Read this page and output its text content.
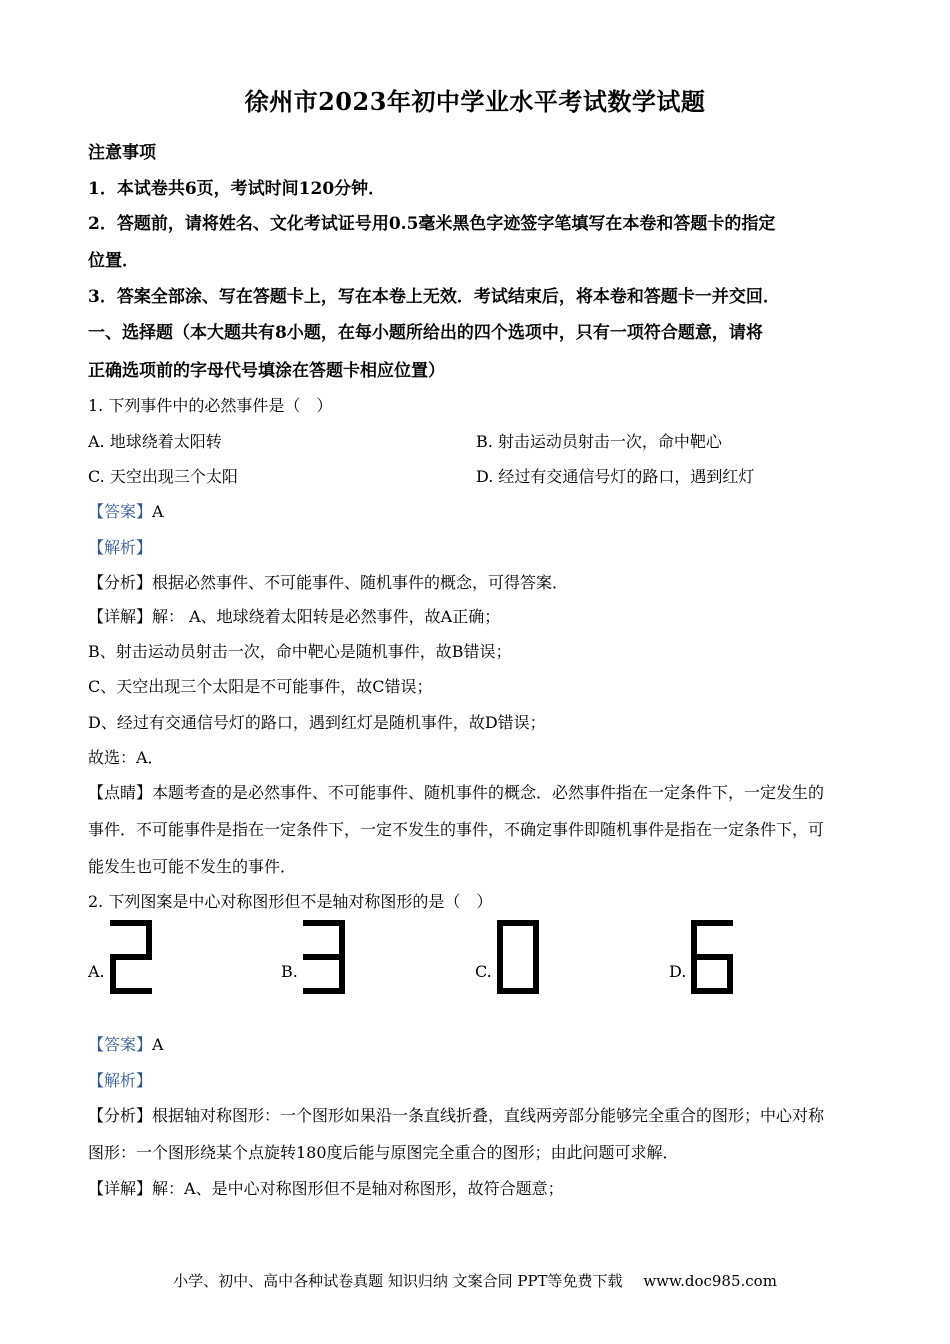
徐州市2023年初中学业水平考试数学试题
注意事项
1．本试卷共6页，考试时间120分钟．
2．答题前，请将姓名、文化考试证号用0.5毫米黑色字迹签字笔填写在本卷和答题卡的指定
位置．
3．答案全部涂、写在答题卡上，写在本卷上无效．考试结束后，将本卷和答题卡一并交回．
一、选择题（本大题共有8小题，在每小题所给出的四个选项中，只有一项符合题意，请将
正确选项前的字母代号填涂在答题卡相应位置）
1. 下列事件中的必然事件是（　）
A. 地球绕着太阳转	B. 射击运动员射击一次，命中靶心
C. 天空出现三个太阳	D. 经过有交通信号灯的路口，遇到红灯
【答案】A
【解析】
【分析】根据必然事件、不可能事件、随机事件的概念，可得答案．
【详解】解： A、地球绕着太阳转是必然事件，故A正确；
B、射击运动员射击一次，命中靶心是随机事件，故B错误；
C、天空出现三个太阳是不可能事件，故C错误；
D、经过有交通信号灯的路口，遇到红灯是随机事件，故D错误；
故选：A．
【点睛】本题考查的是必然事件、不可能事件、随机事件的概念．必然事件指在一定条件下，一定发生的
事件．不可能事件是指在一定条件下，一定不发生的事件，不确定事件即随机事件是指在一定条件下，可
能发生也可能不发生的事件．
2. 下列图案是中心对称图形但不是轴对称图形的是（　）
A.	B.	C.	D.
【答案】A
【解析】
【分析】根据轴对称图形：一个图形如果沿一条直线折叠，直线两旁部分能够完全重合的图形；中心对称
图形：一个图形绕某个点旋转180度后能与原图完全重合的图形；由此问题可求解．
【详解】解：A、是中心对称图形但不是轴对称图形，故符合题意；
小学、初中、高中各种试卷真题 知识归纳 文案合同 PPT等免费下载 www.doc985.com
